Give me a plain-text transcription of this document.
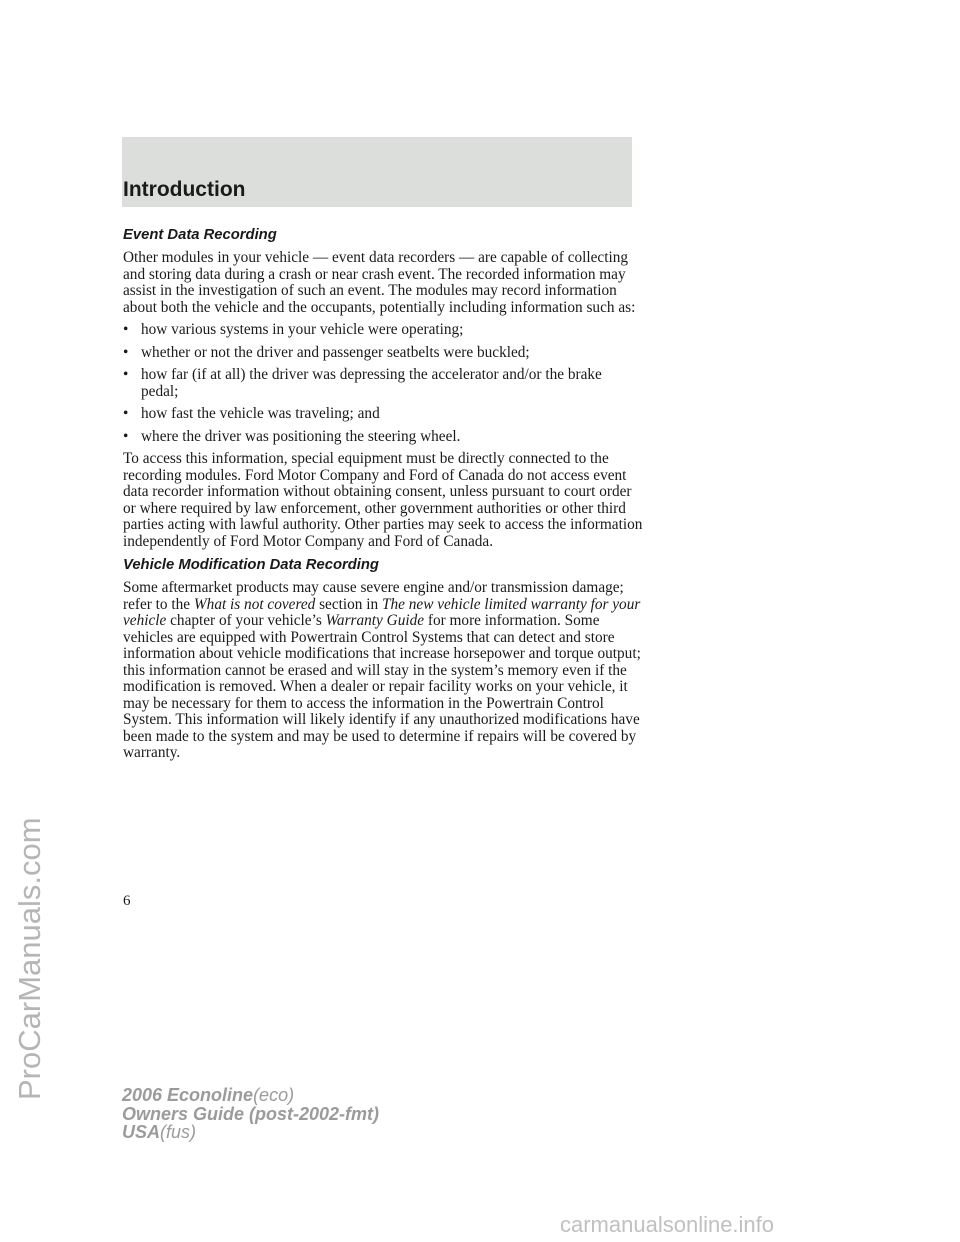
Introduction
Event Data Recording

Other modules in your vehicle — event data recorders — are capable of collecting and storing data during a crash or near crash event. The recorded information may assist in the investigation of such an event. The modules may record information about both the vehicle and the occupants, potentially including information such as:

• how various systems in your vehicle were operating;
• whether or not the driver and passenger seatbelts were buckled;
• how far (if at all) the driver was depressing the accelerator and/or the brake pedal;
• how fast the vehicle was traveling; and
• where the driver was positioning the steering wheel.

To access this information, special equipment must be directly connected to the recording modules. Ford Motor Company and Ford of Canada do not access event data recorder information without obtaining consent, unless pursuant to court order or where required by law enforcement, other government authorities or other third parties acting with lawful authority. Other parties may seek to access the information independently of Ford Motor Company and Ford of Canada.

Vehicle Modification Data Recording

Some aftermarket products may cause severe engine and/or transmission damage; refer to the What is not covered section in The new vehicle limited warranty for your vehicle chapter of your vehicle’s Warranty Guide for more information. Some vehicles are equipped with Powertrain Control Systems that can detect and store information about vehicle modifications that increase horsepower and torque output; this information cannot be erased and will stay in the system’s memory even if the modification is removed. When a dealer or repair facility works on your vehicle, it may be necessary for them to access the information in the Powertrain Control System. This information will likely identify if any unauthorized modifications have been made to the system and may be used to determine if repairs will be covered by warranty.

6
2006 Econoline(eco)
Owners Guide (post-2002-fmt)
USA(fus)
ProCarManuals.com
carmanualsonline.info
